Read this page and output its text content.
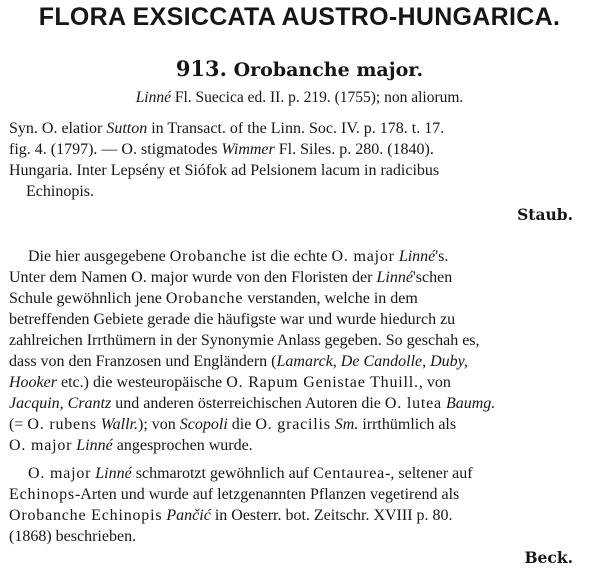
FLORA EXSICCATA AUSTRO-HUNGARICA.
913. Orobanche major.
Linné Fl. Suecica ed. II. p. 219. (1755); non aliorum.
Syn. O. elatior Sutton in Transact. of the Linn. Soc. IV. p. 178. t. 17.
fig. 4. (1797). — O. stigmatodes Wimmer Fl. Siles. p. 280. (1840).
Hungaria. Inter Lepsény et Siófok ad Pelsionem lacum in radicibus
Echinopis.
Staub.
Die hier ausgegebene Orobanche ist die echte O. major Linné's.
Unter dem Namen O. major wurde von den Floristen der Linné'schen
Schule gewöhnlich jene Orobanche verstanden, welche in dem
betreffenden Gebiete gerade die häufigste war und wurde hiedurch zu
zahlreichen Irrthümern in der Synonymie Anlass gegeben. So geschah es,
dass von den Franzosen und Engländern (Lamarck, De Candolle, Duby,
Hooker etc.) die westeuropäische O. Rapum Genistae Thuill., von
Jacquin, Crantz und anderen österreichischen Autoren die O. lutea Baumg.
(= O. rubens Wallr.); von Scopoli die O. gracilis Sm. irrthümlich als
O. major Linné angesprochen wurde.
O. major Linné schmarotzt gewöhnlich auf Centaurea-, seltener auf
Echinops-Arten und wurde auf letzgenannten Pflanzen vegetirend als
Orobanche Echinopis Pančić in Oesterr. bot. Zeitschr. XVIII p. 80.
(1868) beschrieben.
Beck.
